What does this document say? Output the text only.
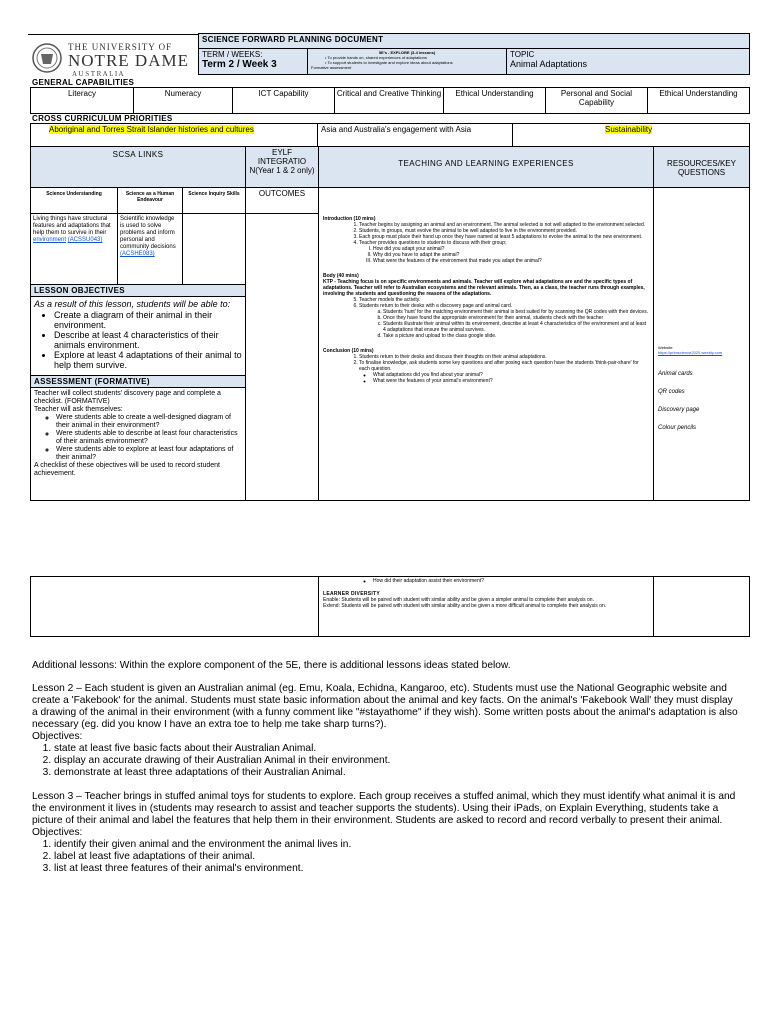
THE UNIVERSITY OF
NOTRE DAME
A U S T R A L I A
SCIENCE FORWARD PLANNING DOCUMENT
TERM / WEEKS:
Term 2 / Week 3
5E's - EXPLORE (3-4 lessons)
• To provide hands on, shared experiences of adaptations
• To support students to investigate and explore ideas about adaptations
Formative assessment
TOPIC
Animal Adaptations
GENERAL CAPABILITIES
Literacy	Numeracy	ICT Capability	Critical and Creative Thinking	Ethical Understanding	Personal and Social Capability
Ethical Understanding
CROSS CURRICULUM PRIORITIES
Aboriginal and Torres Strait Islander histories and cultures	Asia and Australia's engagement with Asia	Sustainability
SCSA LINKS	EYLF INTEGRATIO N(Year 1 & 2 only)
TEACHING AND LEARNING EXPERIENCES	RESOURCES/KEY QUESTIONS
Science Understanding	Science as a Human Endeavour
Science Inquiry Skills	OUTCOMES
Living things have structural features and adaptations that help them to survive in their environment (ACSSU043)
Scientific knowledge is used to solve problems and inform personal and community decisions (ACSHE083)
LESSON OBJECTIVES
As a result of this lesson, students will be able to:
• Create a diagram of their animal in their environment.
• Describe at least 4 characteristics of their animals environment.
• Explore at least 4 adaptations of their animal to help them survive.
ASSESSMENT (FORMATIVE)
Teacher will collect students' discovery page and complete a checklist. (FORMATIVE)
Teacher will ask themselves:
◦ Were students able to create a well-designed diagram of their animal in their environment?
◦ Were students able to describe at least four characteristics of their animals environment?
◦ Were students able to explore at least four adaptations of their animal?
A checklist of these objectives will be used to record student achievement.
Introduction (10 mins)
1. Teacher begins by assigning an animal and an environment. The animal selected is not well adapted to the environment selected.
2. Students, in groups, must evolve the animal to be well adapted to live in the environment provided.
3. Each group must place their hand up once they have named at least 5 adaptations to evolve the animal to the new environment.
4. Teacher provides questions to students to discuss with their group;
I. How did you adapt your animal?
II. Why did you have to adapt the animal?
III. What were the features of the environment that made you adapt the animal?
Body (40 mins)
KTP - Teaching focus is on specific environments and animals. Teacher will explore what adaptations are and the specific types of adaptations. Teacher will refer to Australian ecosystems and the relevant animals. Then, as a class, the teacher runs through examples, involving the students and questioning the reasons of the adaptations.
5. Teacher models the activity.
6. Students return to their desks with a discovery page and animal card.
a. Students 'hunt' for the matching environment their animal is best suited for by scanning the QR codes with their devices.
b. Once they have found the appropriate environment for their animal, students check with the teacher
c. Students illustrate their animal within its environment, describe at least 4 characteristics of the environment and at least 4 adaptations that ensure the animal survives.
d. Take a picture and upload to the class google slide.
Conclusion (10 mins)
1. Students return to their desks and discuss their thoughts on their animal adaptations.
2. To finalise knowledge, ask students some key questions and after posing each question have the students 'think-pair-share' for each question.
◦ What adaptations did you find about your animal?
◦ What were the features of your animal's environment?
Website:
https://primscience2020.weebly.com
Animal cards
QR codes
Discovery page
Colour pencils
◦ How did their adaptation assist their environment?
LEARNER DIVERSITY
Enable: Students will be paired with student with similar ability and be given a simpler animal to complete their analysis on.
Extend: Students will be paired with student with similar ability and be given a more difficult animal to complete their analysis on.
Additional lessons: Within the explore component of the 5E, there is additional lessons ideas stated below.
Lesson 2 – Each student is given an Australian animal (eg. Emu, Koala, Echidna, Kangaroo, etc). Students must use the National Geographic website and create a 'Fakebook' for the animal. Students must state basic information about the animal and key facts. On the animal's 'Fakebook Wall' they must display a drawing of the animal in their environment (with a funny comment like "#stayathome" if they wish). Some written posts about the animal's adaptation is also necessary (eg. did you know I have an extra toe to help me take sharp turns?).
Objectives:
1. state at least five basic facts about their Australian Animal.
2. display an accurate drawing of their Australian Animal in their environment.
3. demonstrate at least three adaptations of their Australian Animal.
Lesson 3 – Teacher brings in stuffed animal toys for students to explore. Each group receives a stuffed animal, which they must identify what animal it is and the environment it lives in (students may research to assist and teacher supports the students). Using their iPads, on Explain Everything, students take a picture of their animal and label the features that help them in their environment. Students are asked to record and record verbally to present their animal.
Objectives:
1. identify their given animal and the environment the animal lives in.
2. label at least five adaptations of their animal.
3. list at least three features of their animal's environment.
